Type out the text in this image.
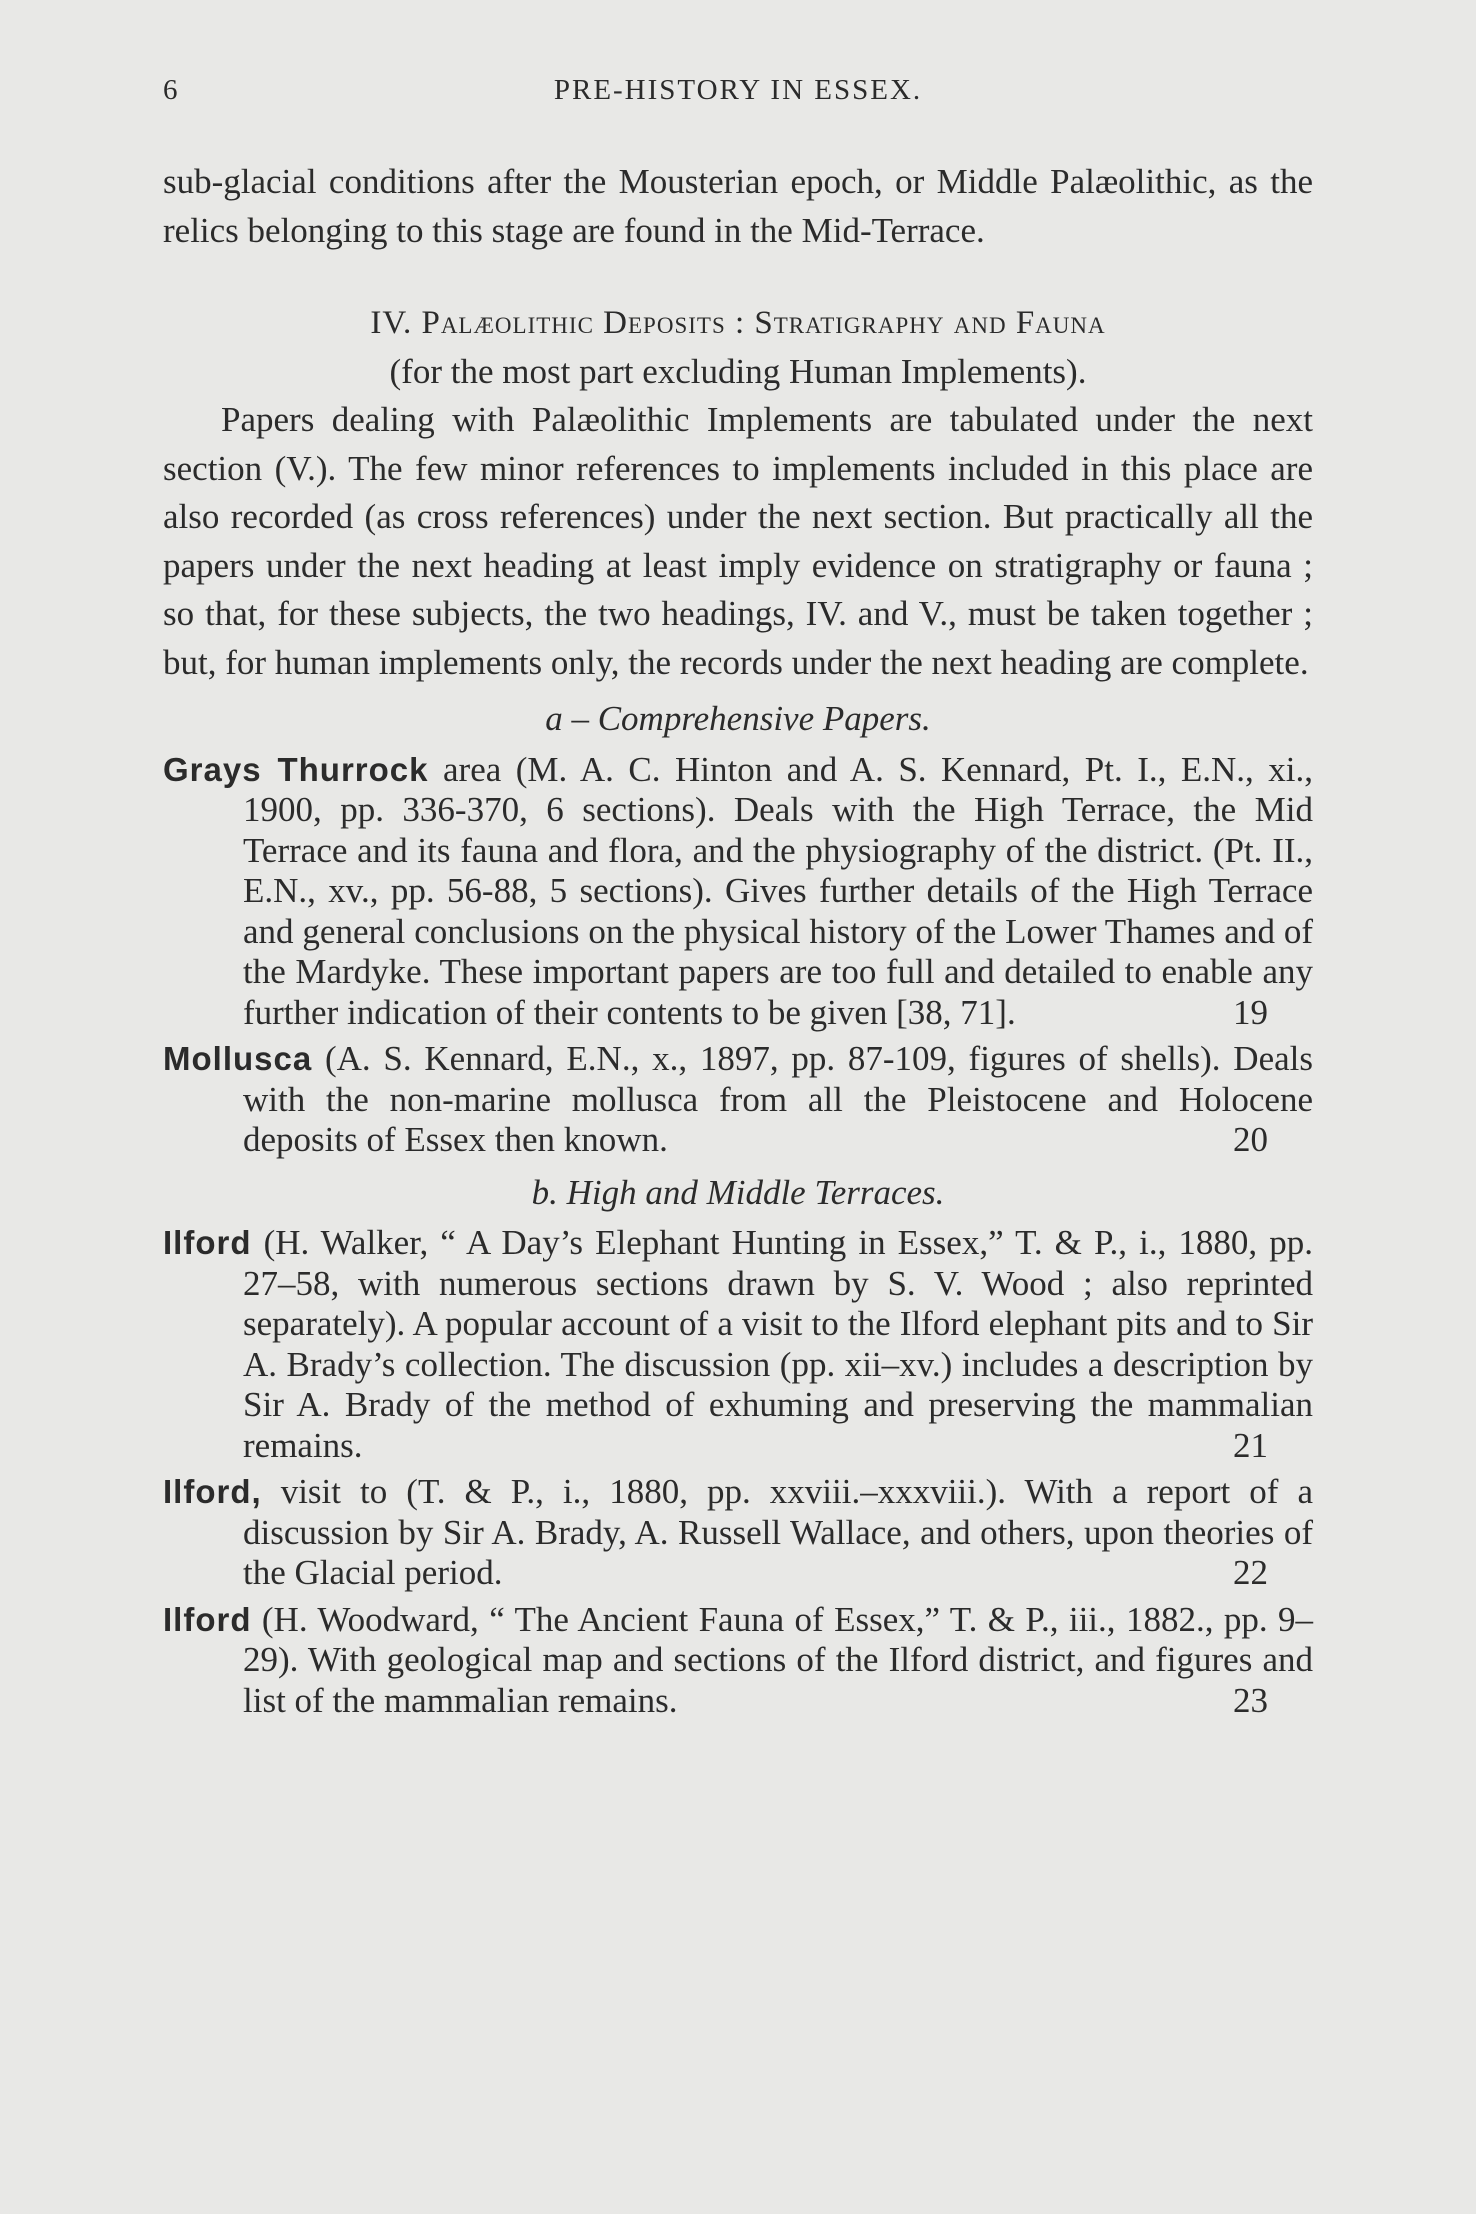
6	PRE-HISTORY IN ESSEX.

sub-glacial conditions after the Mousterian epoch, or Middle Palæolithic, as the relics belonging to this stage are found in the Mid-Terrace.

IV. Palæolithic Deposits : Stratigraphy and Fauna
(for the most part excluding Human Implements).

Papers dealing with Palæolithic Implements are tabulated under the next section (V.). The few minor references to implements included in this place are also recorded (as cross references) under the next section. But practically all the papers under the next heading at least imply evidence on stratigraphy or fauna ; so that, for these subjects, the two headings, IV. and V., must be taken together ; but, for human implements only, the records under the next heading are complete.

a – Comprehensive Papers.
Grays Thurrock area (M. A. C. Hinton and A. S. Kennard, Pt. I., E.N., xi., 1900, pp. 336-370, 6 sections). Deals with the High Terrace, the Mid Terrace and its fauna and flora, and the physiography of the district. (Pt. II., E.N., xv., pp. 56-88, 5 sections). Gives further details of the High Terrace and general conclusions on the physical history of the Lower Thames and of the Mardyke. These important papers are too full and detailed to enable any further indication of their contents to be given [38, 71].	19
Mollusca (A. S. Kennard, E.N., x., 1897, pp. 87-109, figures of shells). Deals with the non-marine mollusca from all the Pleistocene and Holocene deposits of Essex then known.	20
b. High and Middle Terraces.
Ilford (H. Walker, “ A Day’s Elephant Hunting in Essex,” T. & P., i., 1880, pp. 27–58, with numerous sections drawn by S. V. Wood ; also reprinted separately). A popular account of a visit to the Ilford elephant pits and to Sir A. Brady’s collection. The discussion (pp. xii–xv.) includes a description by Sir A. Brady of the method of exhuming and preserving the mammalian remains.	21
Ilford, visit to (T. & P., i., 1880, pp. xxviii.–xxxviii.). With a report of a discussion by Sir A. Brady, A. Russell Wallace, and others, upon theories of the Glacial period.	22
Ilford (H. Woodward, “ The Ancient Fauna of Essex,” T. & P., iii., 1882., pp. 9–29). With geological map and sections of the Ilford district, and figures and list of the mammalian remains.	23
